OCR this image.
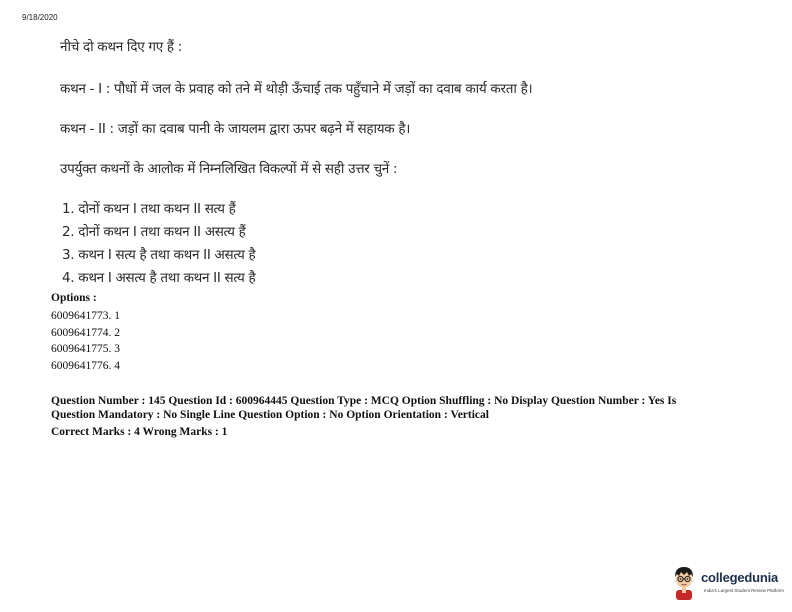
9/18/2020
नीचे दो कथन दिए गए हैं :
कथन - I : पौधों में जल के प्रवाह को तने में थोड़ी ऊँचाई तक पहुँचाने में जड़ों का दवाब कार्य करता है।
कथन - II : जड़ों का दवाब पानी के जायलम द्वारा ऊपर बढ़ने में सहायक है।
उपर्युक्त कथनों के आलोक में निम्नलिखित विकल्पों में से सही उत्तर चुनें :
1. दोनों कथन I तथा कथन II सत्य हैं
2. दोनों कथन I तथा कथन II असत्य हैं
3. कथन I सत्य है तथा कथन II असत्य है
4. कथन I असत्य है तथा कथन II सत्य है
Options :
6009641773. 1
6009641774. 2
6009641775. 3
6009641776. 4
Question Number : 145 Question Id : 600964445 Question Type : MCQ Option Shuffling : No Display Question Number : Yes Is
Question Mandatory : No Single Line Question Option : No Option Orientation : Vertical
Correct Marks : 4 Wrong Marks : 1
collegedunia
India's Largest Student Review Platform
